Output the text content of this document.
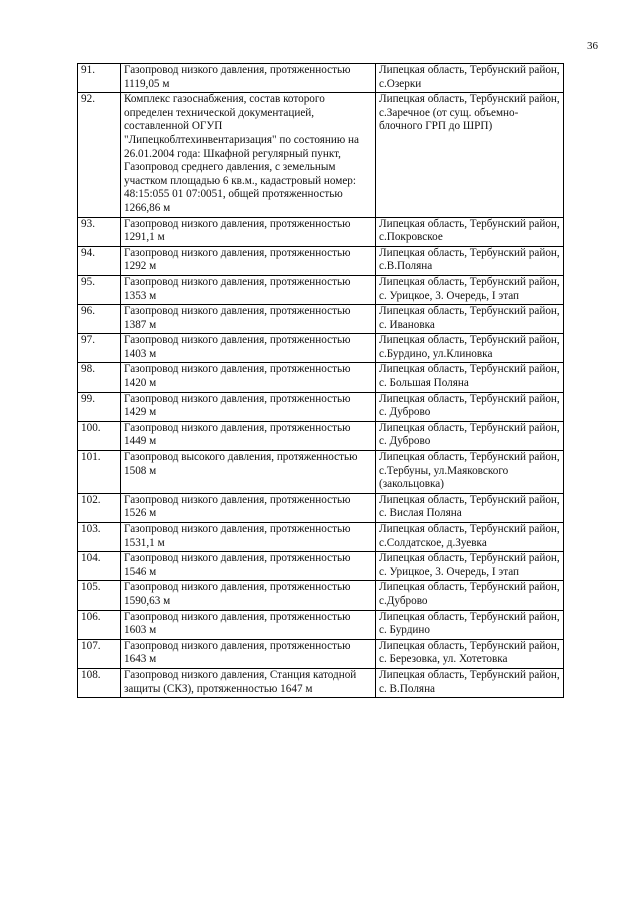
36
91.	Газопровод низкого давления, протяженностью 1119,05 м	Липецкая область, Тербунский район, с.Озерки
92.	Комплекс газоснабжения, состав которого определен технической документацией, составленной ОГУП "Липецкоблтехинвентаризация" по состоянию на 26.01.2004 года: Шкафной регулярный пункт, Газопровод среднего давления, с земельным участком площадью 6 кв.м., кадастровый номер: 48:15:055 01 07:0051, общей протяженностью 1266,86 м	Липецкая область, Тербунский район, с.Заречное (от сущ. объемно-блочного ГРП до ШРП)
93.	Газопровод низкого давления, протяженностью 1291,1 м	Липецкая область, Тербунский район, с.Покровское
94.	Газопровод низкого давления, протяженностью 1292 м	Липецкая область, Тербунский район, с.В.Поляна
95.	Газопровод низкого давления, протяженностью 1353 м	Липецкая область, Тербунский район, с. Урицкое, 3. Очередь, I этап
96.	Газопровод низкого давления, протяженностью 1387 м	Липецкая область, Тербунский район, с. Ивановка
97.	Газопровод низкого давления, протяженностью 1403 м	Липецкая область, Тербунский район, с.Бурдино, ул.Клиновка
98.	Газопровод низкого давления, протяженностью 1420 м	Липецкая область, Тербунский район, с. Большая Поляна
99.	Газопровод низкого давления, протяженностью 1429 м	Липецкая область, Тербунский район, с. Дуброво
100.	Газопровод низкого давления, протяженностью 1449 м	Липецкая область, Тербунский район, с. Дуброво
101.	Газопровод высокого давления, протяженностью 1508 м	Липецкая область, Тербунский район, с.Тербуны, ул.Маяковского (закольцовка)
102.	Газопровод низкого давления, протяженностью 1526 м	Липецкая область, Тербунский район, с. Вислая Поляна
103.	Газопровод низкого давления, протяженностью 1531,1 м	Липецкая область, Тербунский район, с.Солдатское, д.Зуевка
104.	Газопровод низкого давления, протяженностью 1546 м	Липецкая область, Тербунский район, с. Урицкое, 3. Очередь, I этап
105.	Газопровод низкого давления, протяженностью 1590,63 м	Липецкая область, Тербунский район, с.Дуброво
106.	Газопровод низкого давления, протяженностью 1603 м	Липецкая область, Тербунский район, с. Бурдино
107.	Газопровод низкого давления, протяженностью 1643 м	Липецкая область, Тербунский район, с. Березовка, ул. Хотетовка
108.	Газопровод низкого давления, Станция катодной защиты (СКЗ), протяженностью 1647 м	Липецкая область, Тербунский район, с. В.Поляна
